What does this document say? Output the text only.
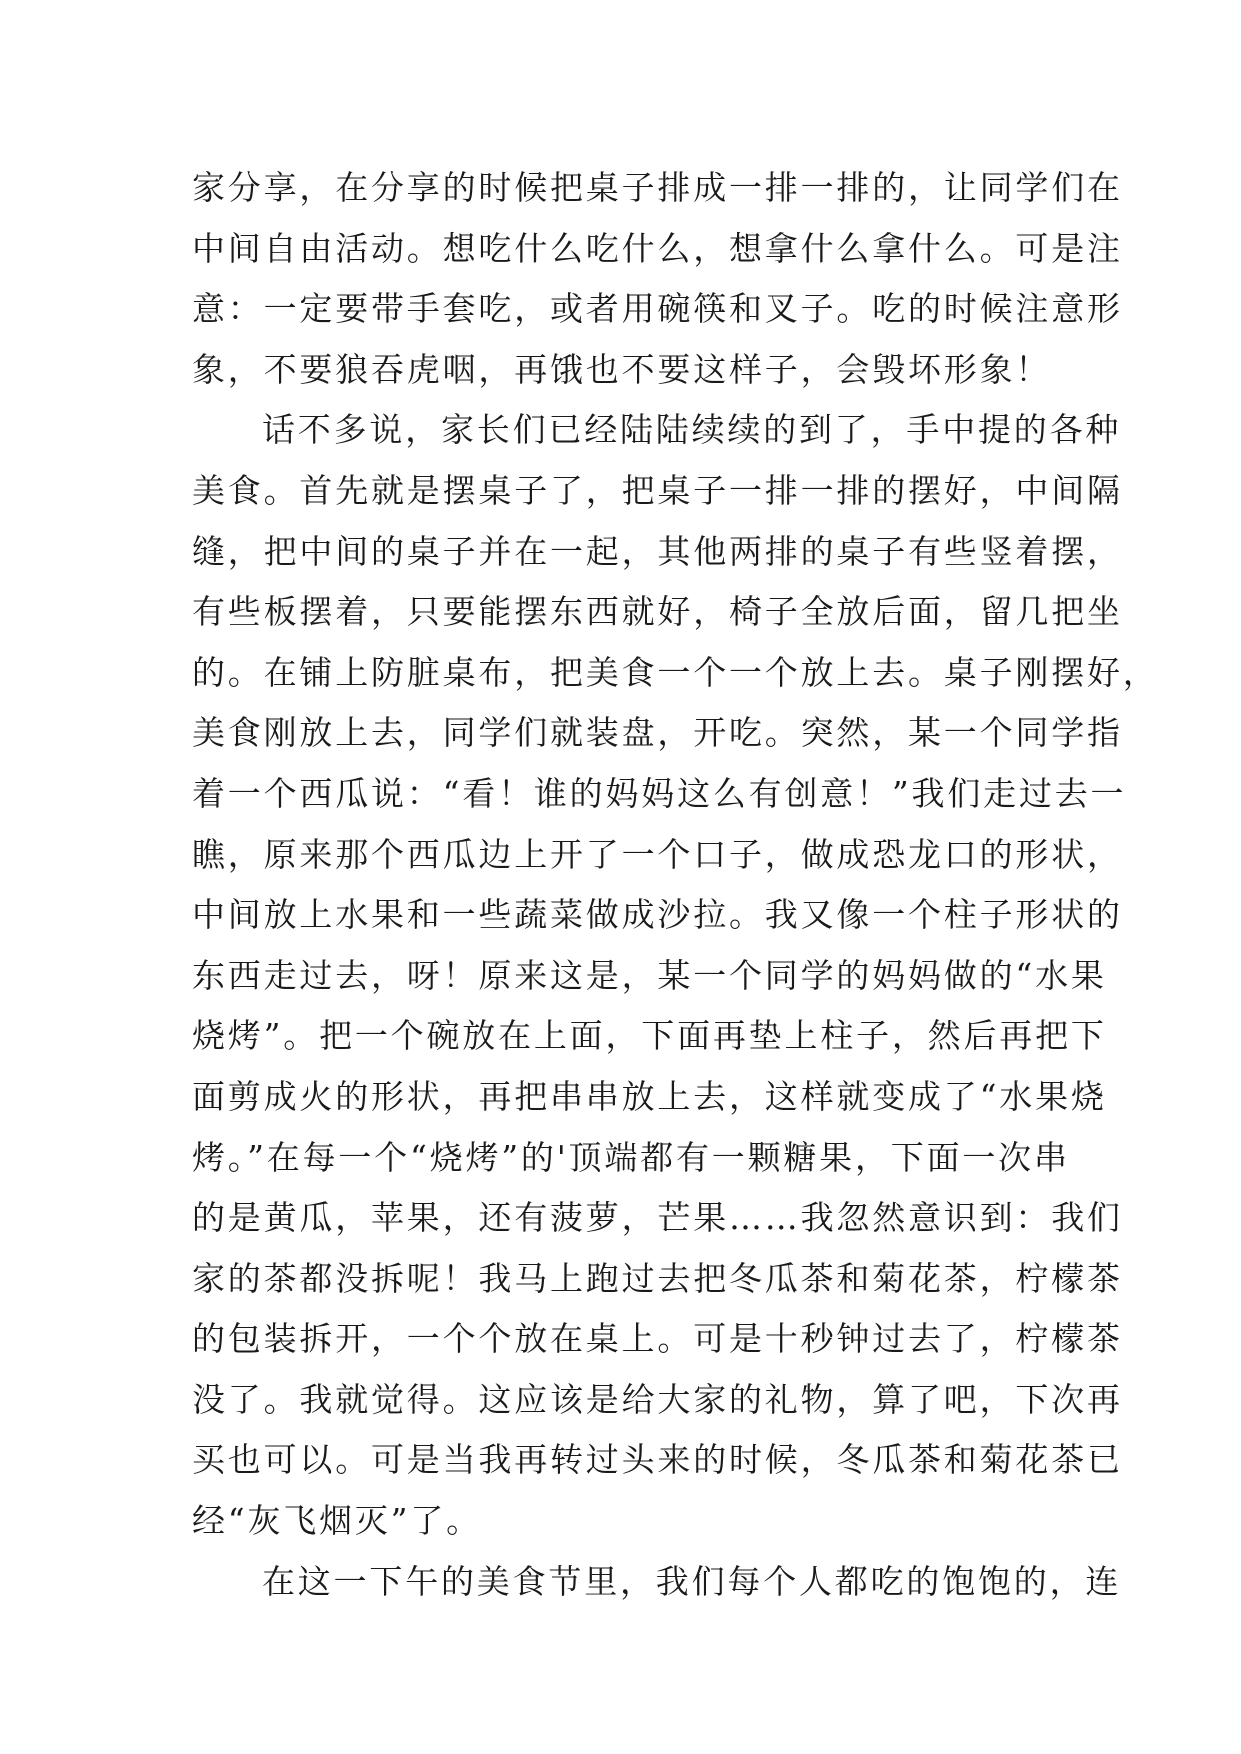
家分享，在分享的时候把桌子排成一排一排的，让同学们在
中间自由活动。想吃什么吃什么，想拿什么拿什么。可是注
意：一定要带手套吃，或者用碗筷和叉子。吃的时候注意形
象，不要狼吞虎咽，再饿也不要这样子，会毁坏形象！
话不多说，家长们已经陆陆续续的到了，手中提的各种
美食。首先就是摆桌子了，把桌子一排一排的摆好，中间隔
缝，把中间的桌子并在一起，其他两排的桌子有些竖着摆，
有些板摆着，只要能摆东西就好，椅子全放后面，留几把坐
的。在铺上防脏桌布，把美食一个一个放上去。桌子刚摆好，
美食刚放上去，同学们就装盘，开吃。突然，某一个同学指
着一个西瓜说：“看！谁的妈妈这么有创意！”我们走过去一
瞧，原来那个西瓜边上开了一个口子，做成恐龙口的形状，
中间放上水果和一些蔬菜做成沙拉。我又像一个柱子形状的
东西走过去，呀！原来这是，某一个同学的妈妈做的“水果
烧烤”。把一个碗放在上面，下面再垫上柱子，然后再把下
面剪成火的形状，再把串串放上去，这样就变成了“水果烧
烤。”在每一个“烧烤”的'顶端都有一颗糖果，下面一次串
的是黄瓜，苹果，还有菠萝，芒果……我忽然意识到：我们
家的茶都没拆呢！我马上跑过去把冬瓜茶和菊花茶，柠檬茶
的包装拆开，一个个放在桌上。可是十秒钟过去了，柠檬茶
没了。我就觉得。这应该是给大家的礼物，算了吧，下次再
买也可以。可是当我再转过头来的时候，冬瓜茶和菊花茶已
经“灰飞烟灭”了。
在这一下午的美食节里，我们每个人都吃的饱饱的，连
